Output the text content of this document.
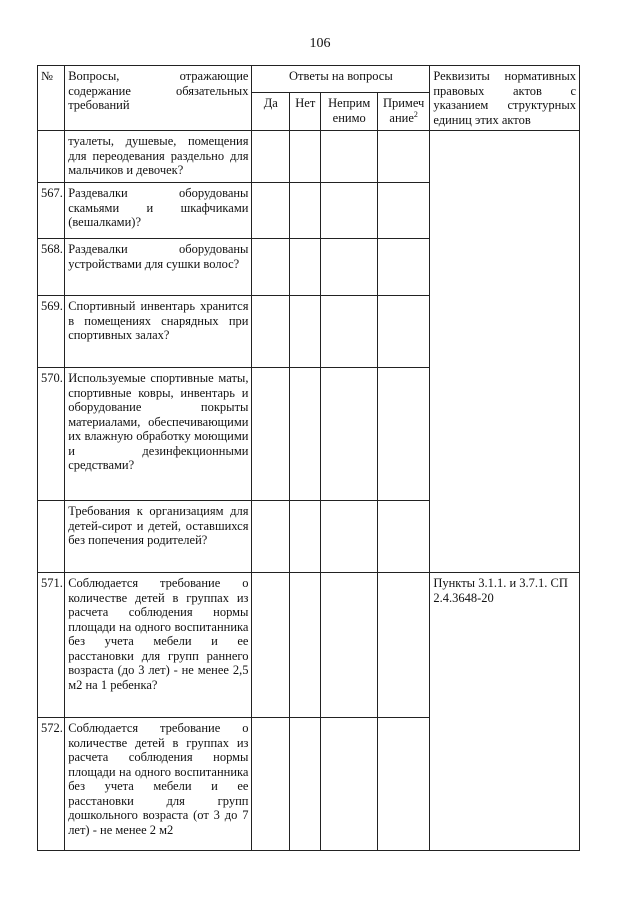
106
№	Вопросы, отражающие содержание обязательных требований	Ответы на вопросы				Реквизиты нормативных правовых актов с указанием структурных единиц этих актов
		Да	Нет	Неприм енимо	Примеч ание$^2$
	туалеты, душевые, помещения для переодевания раздельно для мальчиков и девочек?					
567.	Раздевалки оборудованы скамьями и шкафчиками (вешалками)?					
568.	Раздевалки оборудованы устройствами для сушки волос?					
569.	Спортивный инвентарь хранится в помещениях снарядных при спортивных залах?					
570.	Используемые спортивные маты, спортивные ковры, инвентарь и оборудование покрыты материалами, обеспечивающими их влажную обработку моющими и дезинфекционными средствами?					
	Требования к организациям для детей-сирот и детей, оставшихся без попечения родителей?					
571.	Соблюдается требование о количестве детей в группах из расчета соблюдения нормы площади на одного воспитанника без учета мебели и ее расстановки для групп раннего возраста (до 3 лет) - не менее 2,5 м2 на 1 ребенка?					Пункты 3.1.1. и 3.7.1. СП 2.4.3648-20
572.	Соблюдается требование о количестве детей в группах из расчета соблюдения нормы площади на одного воспитанника без учета мебели и ее расстановки для групп дошкольного возраста (от 3 до 7 лет) - не менее 2 м2					
